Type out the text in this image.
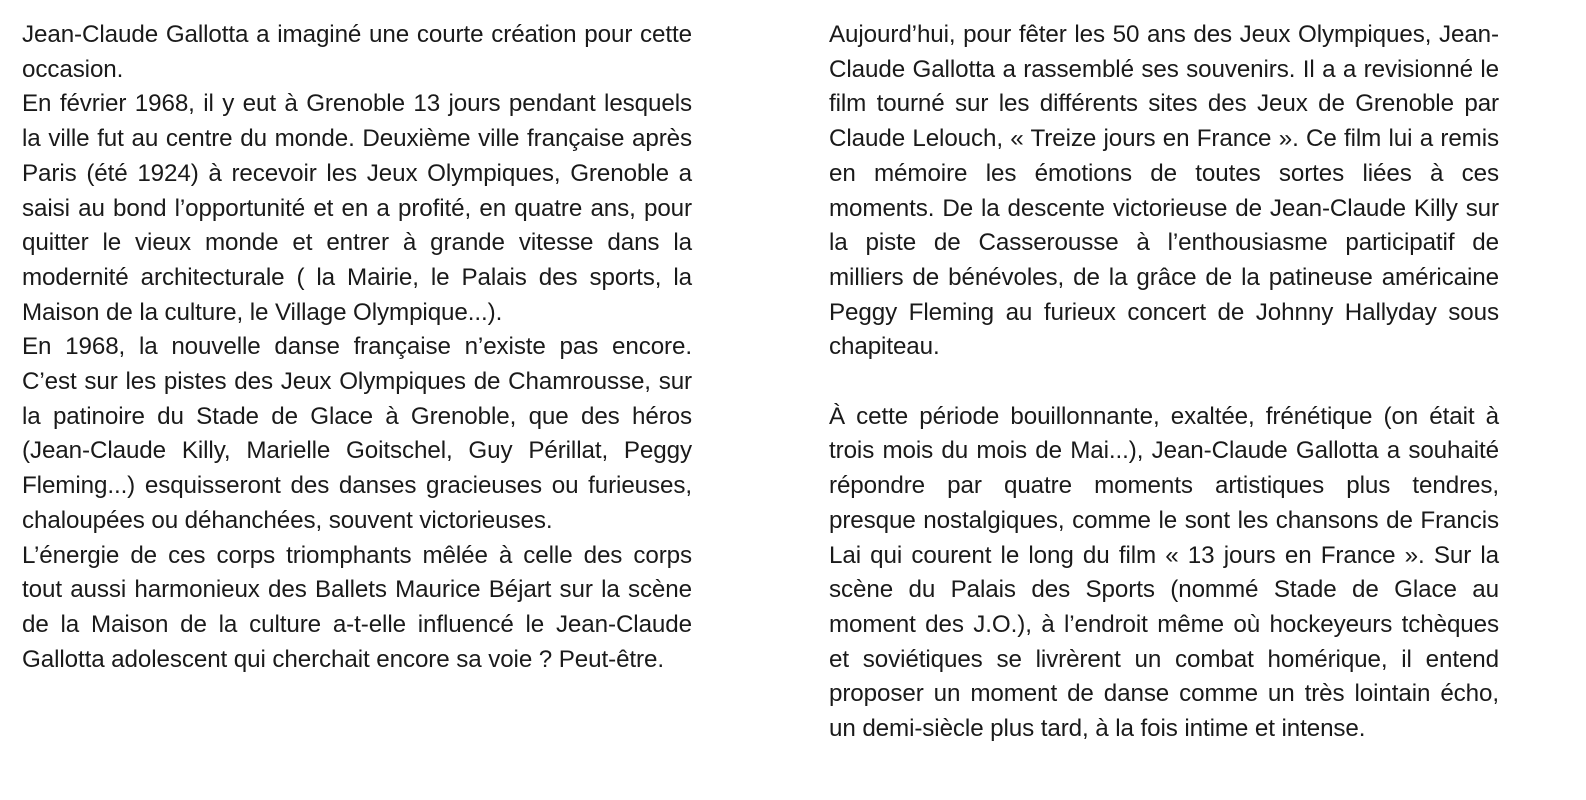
Jean-Claude Gallotta a imaginé une courte création pour cette occasion.

En février 1968, il y eut à Grenoble 13 jours pendant lesquels la ville fut au centre du monde. Deuxième ville française après Paris (été 1924) à recevoir les Jeux Olympiques, Grenoble a saisi au bond l’opportunité et en a profité, en quatre ans, pour quitter le vieux monde et entrer à grande vitesse dans la modernité architecturale ( la Mairie, le Palais des sports, la Maison de la culture, le Village Olympique...).

En 1968, la nouvelle danse française n’existe pas encore. C’est sur les pistes des Jeux Olympiques de Chamrousse, sur la patinoire du Stade de Glace à Grenoble, que des héros (Jean-Claude Killy, Marielle Goitschel, Guy Périllat, Peggy Fleming...) esquisseront des danses gracieuses ou furieuses, chaloupées ou déhanchées, souvent victorieuses.

L’énergie de ces corps triomphants mêlée à celle des corps tout aussi harmonieux des Ballets Maurice Béjart sur la scène de la Maison de la culture a-t-elle influencé le Jean-Claude Gallotta adolescent qui cherchait encore sa voie ? Peut-être.

Aujourd’hui, pour fêter les 50 ans des Jeux Olympiques, Jean-Claude Gallotta a rassemblé ses souvenirs. Il a a revisionné le film tourné sur les différents sites des Jeux de Grenoble par Claude Lelouch, « Treize jours en France ». Ce film lui a remis en mémoire les émotions de toutes sortes liées à ces moments. De la descente victorieuse de Jean-Claude Killy sur la piste de Casserousse à l’enthousiasme participatif de milliers de bénévoles, de la grâce de la patineuse américaine Peggy Fleming au furieux concert de Johnny Hallyday sous chapiteau.

À cette période bouillonnante, exaltée, frénétique (on était à trois mois du mois de Mai...), Jean-Claude Gallotta a souhaité répondre par quatre moments artistiques plus tendres, presque nostalgiques, comme le sont les chansons de Francis Lai qui courent le long du film « 13 jours en France ». Sur la scène du Palais des Sports (nommé Stade de Glace au moment des J.O.), à l’endroit même où hockeyeurs tchèques et soviétiques se livrèrent un combat homérique, il entend proposer un moment de danse comme un très lointain écho, un demi-siècle plus tard, à la fois intime et intense.
